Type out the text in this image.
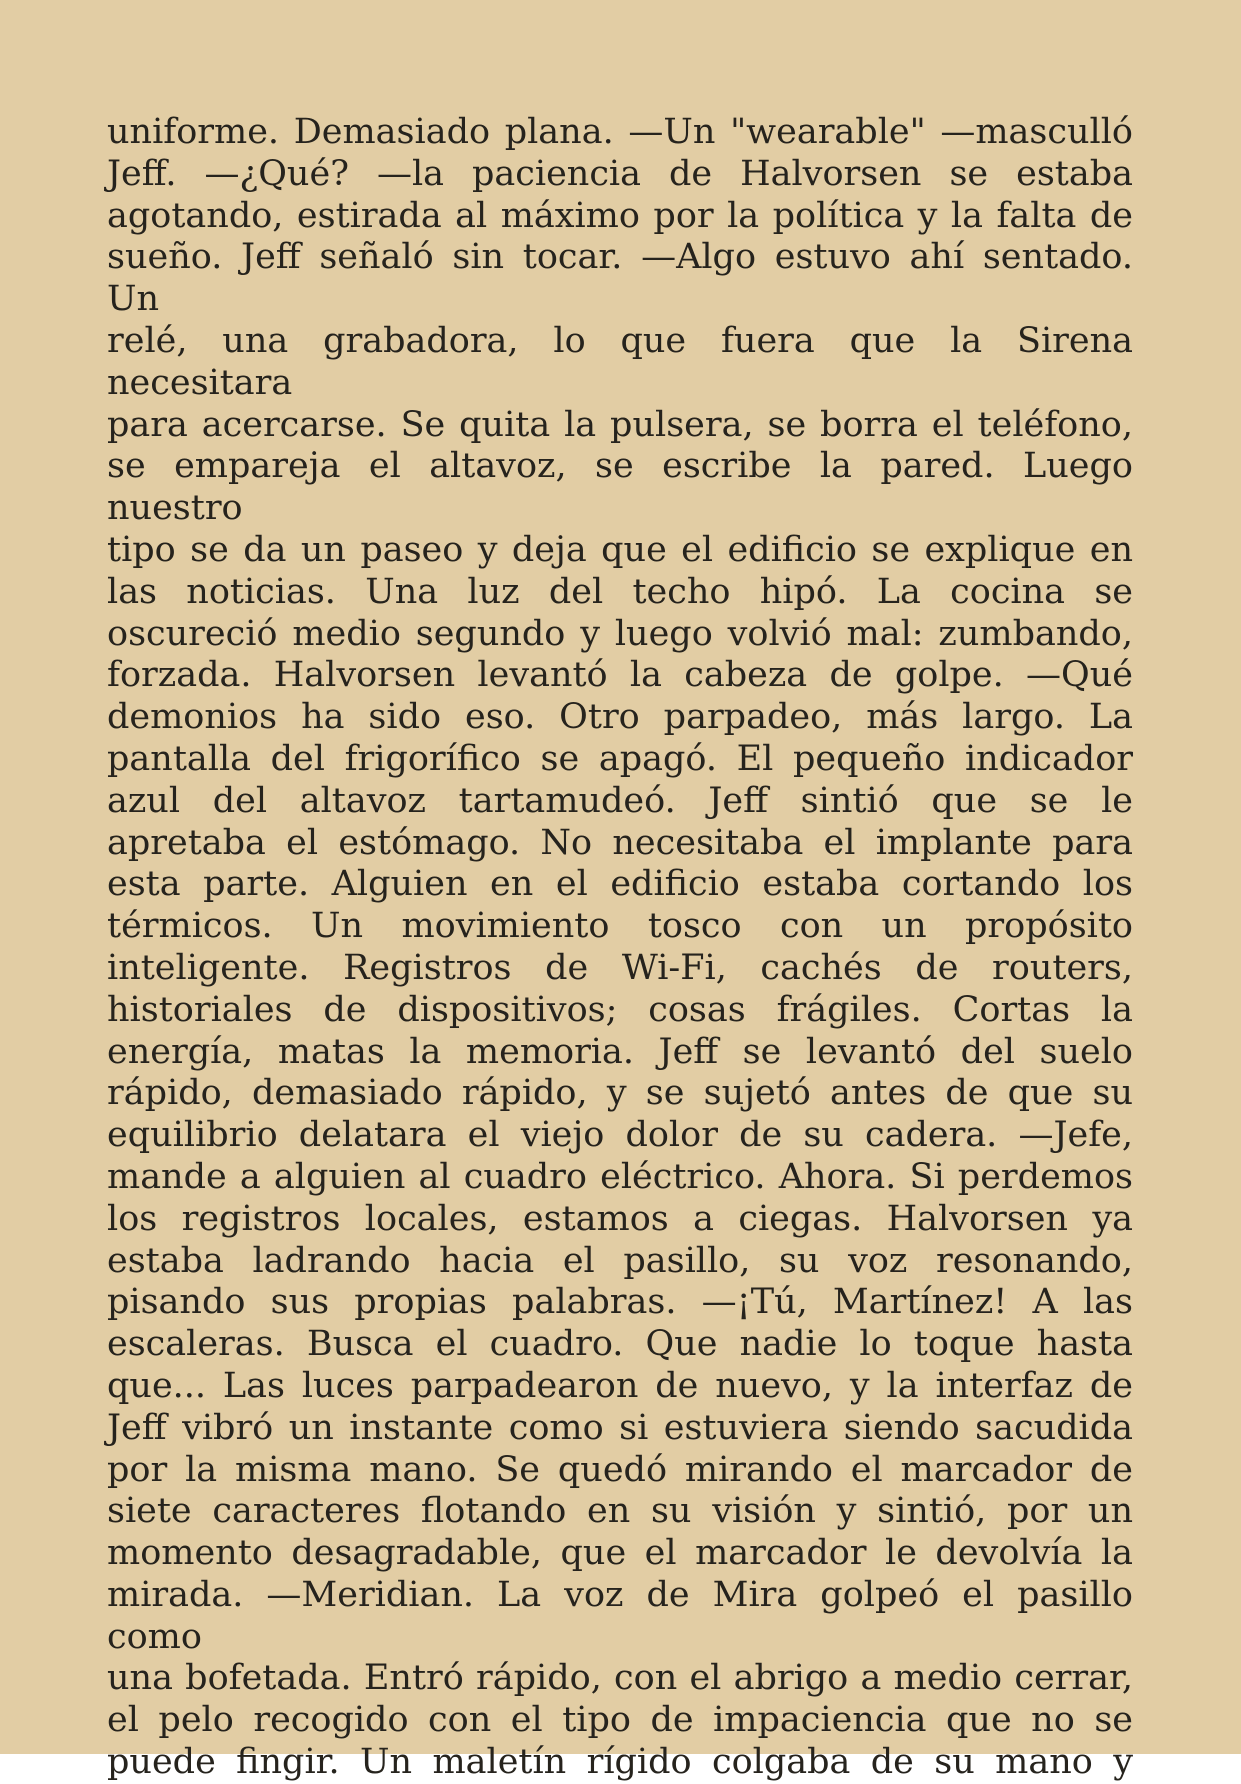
uniforme. Demasiado plana. —Un "wearable" —masculló
Jeff. —¿Qué? —la paciencia de Halvorsen se estaba
agotando, estirada al máximo por la política y la falta de
sueño. Jeff señaló sin tocar. —Algo estuvo ahí sentado. Un
relé, una grabadora, lo que fuera que la Sirena necesitara
para acercarse. Se quita la pulsera, se borra el teléfono,
se empareja el altavoz, se escribe la pared. Luego nuestro
tipo se da un paseo y deja que el edificio se explique en
las noticias. Una luz del techo hipó. La cocina se
oscureció medio segundo y luego volvió mal: zumbando,
forzada. Halvorsen levantó la cabeza de golpe. —Qué
demonios ha sido eso. Otro parpadeo, más largo. La
pantalla del frigorífico se apagó. El pequeño indicador
azul del altavoz tartamudeó. Jeff sintió que se le
apretaba el estómago. No necesitaba el implante para
esta parte. Alguien en el edificio estaba cortando los
térmicos. Un movimiento tosco con un propósito
inteligente. Registros de Wi-Fi, cachés de routers,
historiales de dispositivos; cosas frágiles. Cortas la
energía, matas la memoria. Jeff se levantó del suelo
rápido, demasiado rápido, y se sujetó antes de que su
equilibrio delatara el viejo dolor de su cadera. —Jefe,
mande a alguien al cuadro eléctrico. Ahora. Si perdemos
los registros locales, estamos a ciegas. Halvorsen ya
estaba ladrando hacia el pasillo, su voz resonando,
pisando sus propias palabras. —¡Tú, Martínez! A las
escaleras. Busca el cuadro. Que nadie lo toque hasta
que... Las luces parpadearon de nuevo, y la interfaz de
Jeff vibró un instante como si estuviera siendo sacudida
por la misma mano. Se quedó mirando el marcador de
siete caracteres flotando en su visión y sintió, por un
momento desagradable, que el marcador le devolvía la
mirada. —Meridian. La voz de Mira golpeó el pasillo como
una bofetada. Entró rápido, con el abrigo a medio cerrar,
el pelo recogido con el tipo de impaciencia que no se
puede fingir. Un maletín rígido colgaba de su mano y
